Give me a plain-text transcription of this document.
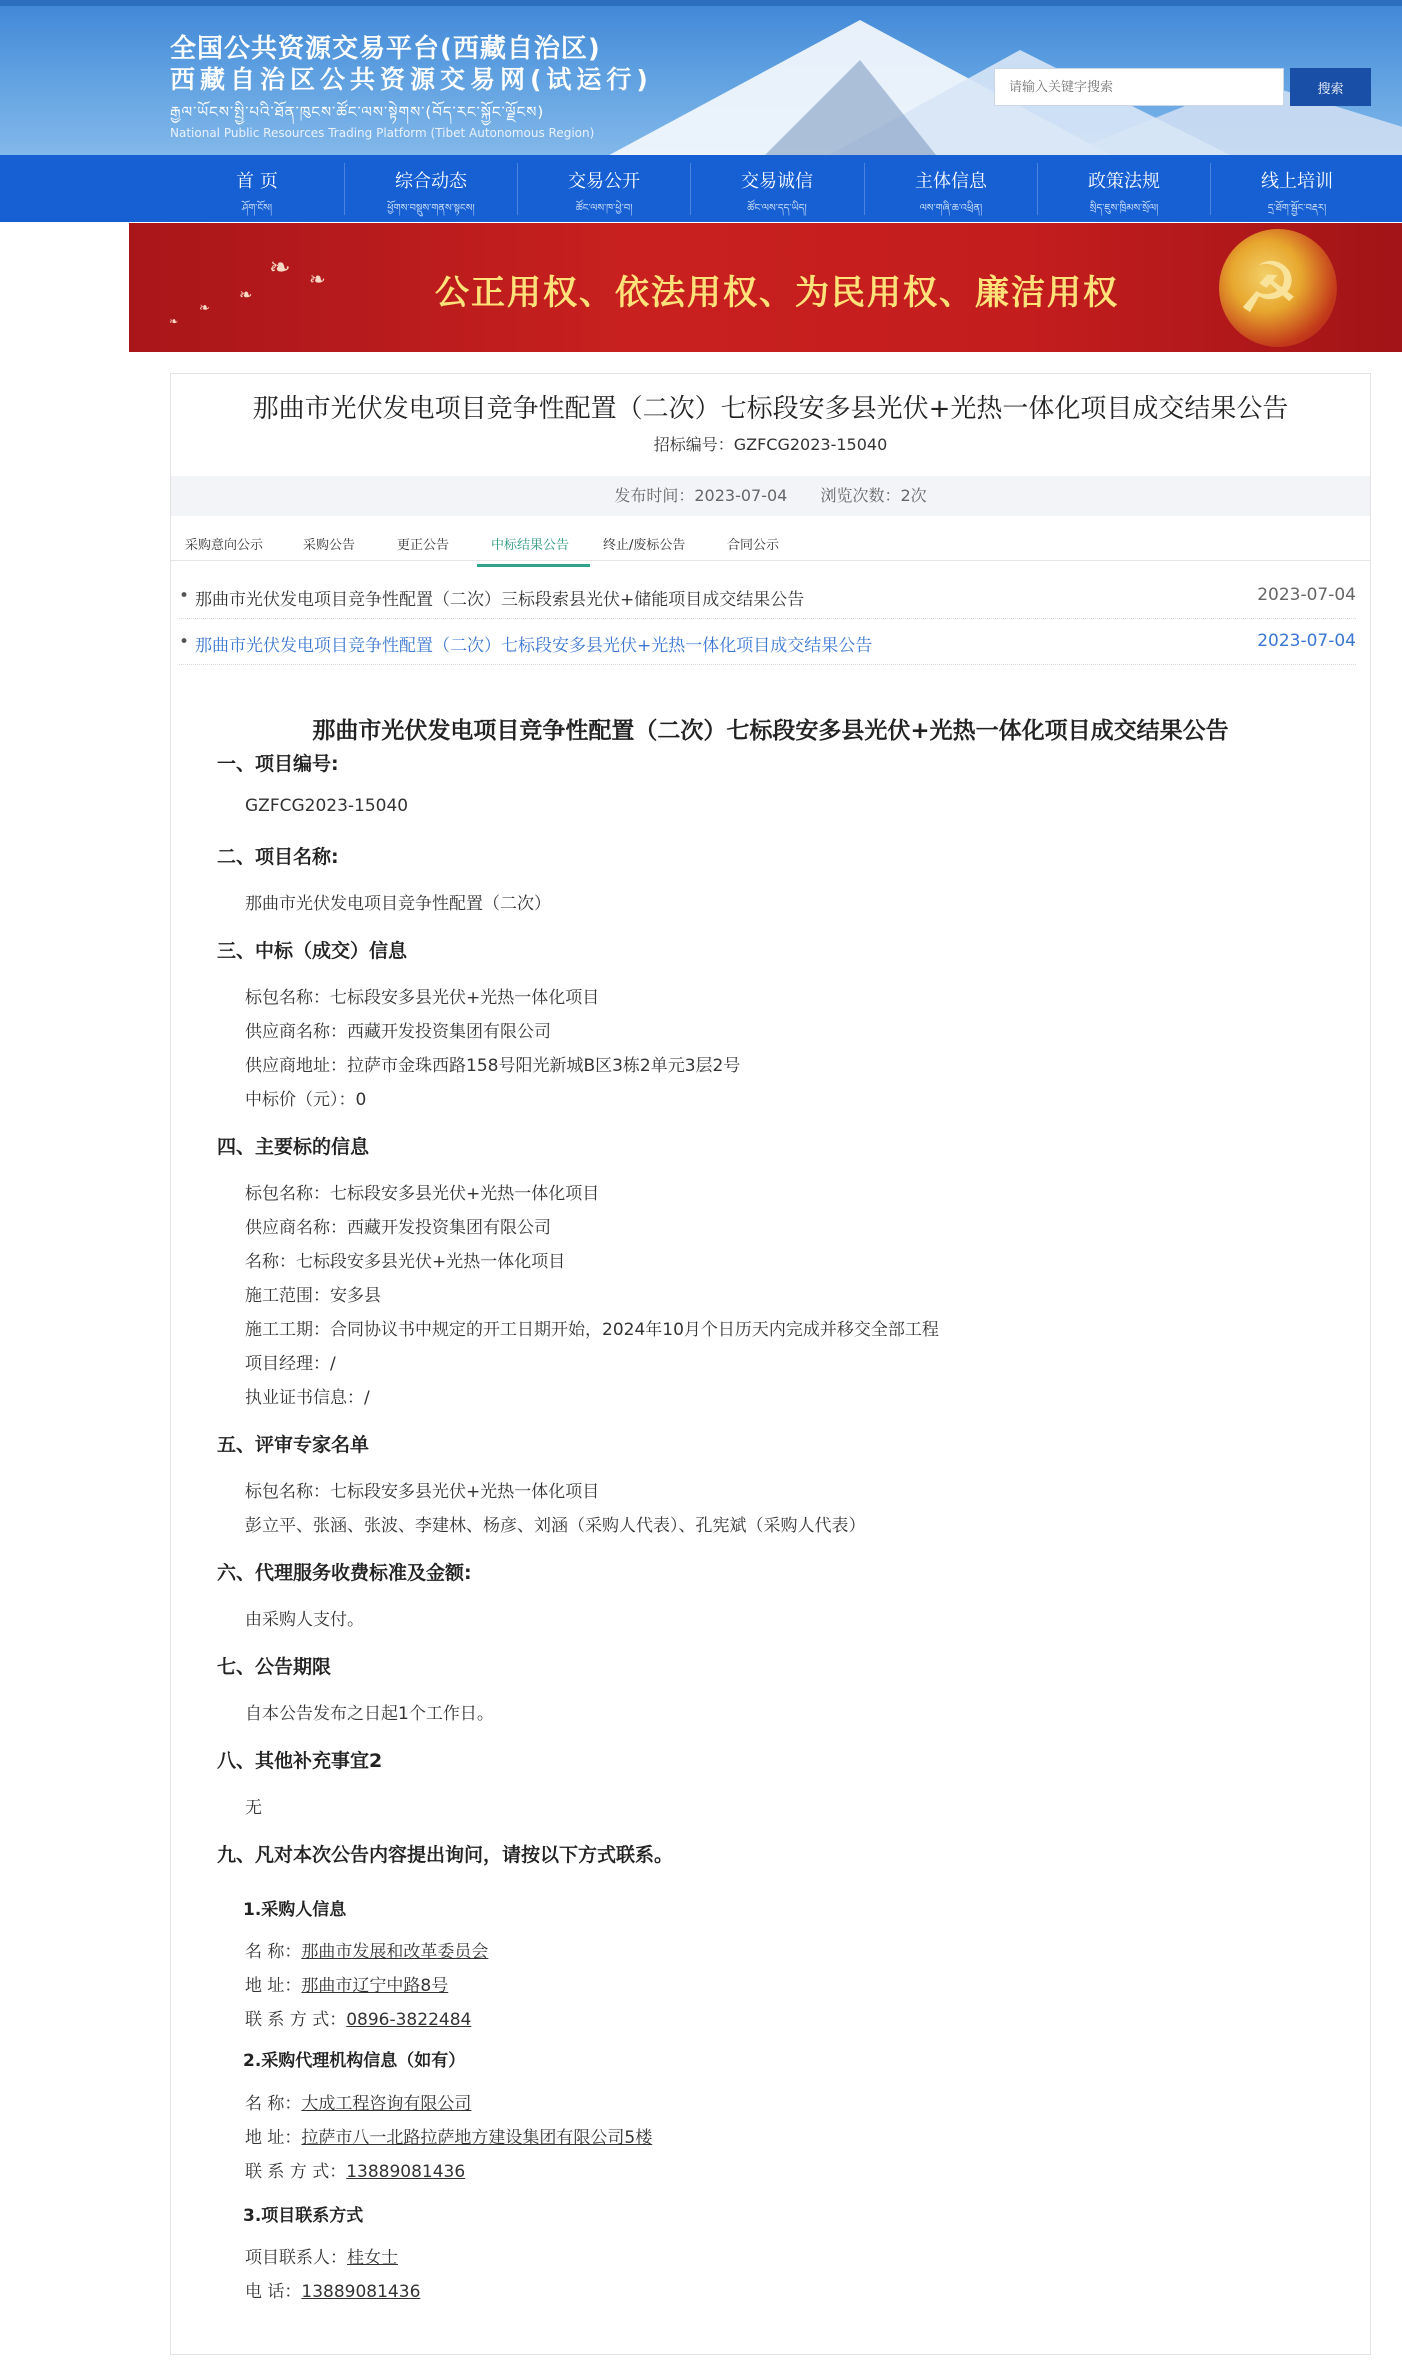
全国公共资源交易平台(西藏自治区)
西藏自治区公共资源交易网(试运行)
རྒྱལ་ཡོངས་སྤྱི་པའི་ཐོན་ཁུངས་ཚོང་ལས་སྟེགས་(བོད་རང་སྐྱོང་ལྗོངས)
National Public Resources Trading Platform (Tibet Autonomous Region)
请输入关键字搜索
搜索
首 页
ཤོག་ངོས།
综合动态
ཕྱོགས་བསྡུས་གནས་སྟངས།
交易公开
ཚོང་ལས་ཁ་ཕྱེ་བ།
交易诚信
ཚོང་ལས་དད་ཡིད།
主体信息
ལས་གཞི་ཆ་འཕྲིན།
政策法规
སྲིད་ཇུས་ཁྲིམས་སྲོལ།
线上培训
དྲ་ཐོག་སྦྱོང་བརྡར།
❧ ❧
❧
❧
❧
公正用权、依法用权、为民用权、廉洁用权 ☭
那曲市光伏发电项目竞争性配置（二次）七标段安多县光伏+光热一体化项目成交结果公告
招标编号：GZFCG2023-15040
发布时间：2023-07-04 浏览次数：2次
采购意向公示	采购公告	更正公告	中标结果公告	终止/废标公告	合同公示
• 那曲市光伏发电项目竞争性配置（二次）三标段索县光伏+储能项目成交结果公告	2023-07-04
• 那曲市光伏发电项目竞争性配置（二次）七标段安多县光伏+光热一体化项目成交结果公告	2023-07-04
那曲市光伏发电项目竞争性配置（二次）七标段安多县光伏+光热一体化项目成交结果公告
一、项目编号:
GZFCG2023-15040
二、项目名称:
那曲市光伏发电项目竞争性配置（二次）
三、中标（成交）信息
标包名称：七标段安多县光伏+光热一体化项目
供应商名称：西藏开发投资集团有限公司
供应商地址：拉萨市金珠西路158号阳光新城B区3栋2单元3层2号
中标价（元）：0
四、主要标的信息
标包名称：七标段安多县光伏+光热一体化项目
供应商名称：西藏开发投资集团有限公司
名称：七标段安多县光伏+光热一体化项目
施工范围：安多县
施工工期：合同协议书中规定的开工日期开始，2024年10月个日历天内完成并移交全部工程
项目经理：/
执业证书信息：/
五、评审专家名单
标包名称：七标段安多县光伏+光热一体化项目
彭立平、张涵、张波、李建林、杨彦、刘涵（采购人代表）、孔宪斌（采购人代表）
六、代理服务收费标准及金额:
由采购人支付。
七、公告期限
自本公告发布之日起1个工作日。
八、其他补充事宜2
无
九、凡对本次公告内容提出询问，请按以下方式联系。
1.采购人信息
名 称：那曲市发展和改革委员会
地 址：那曲市辽宁中路8号
联 系 方 式：0896-3822484
2.采购代理机构信息（如有）
名 称：大成工程咨询有限公司
地 址：拉萨市八一北路拉萨地方建设集团有限公司5楼
联 系 方 式：13889081436
3.项目联系方式
项目联系人：桂女士
电 话：13889081436
